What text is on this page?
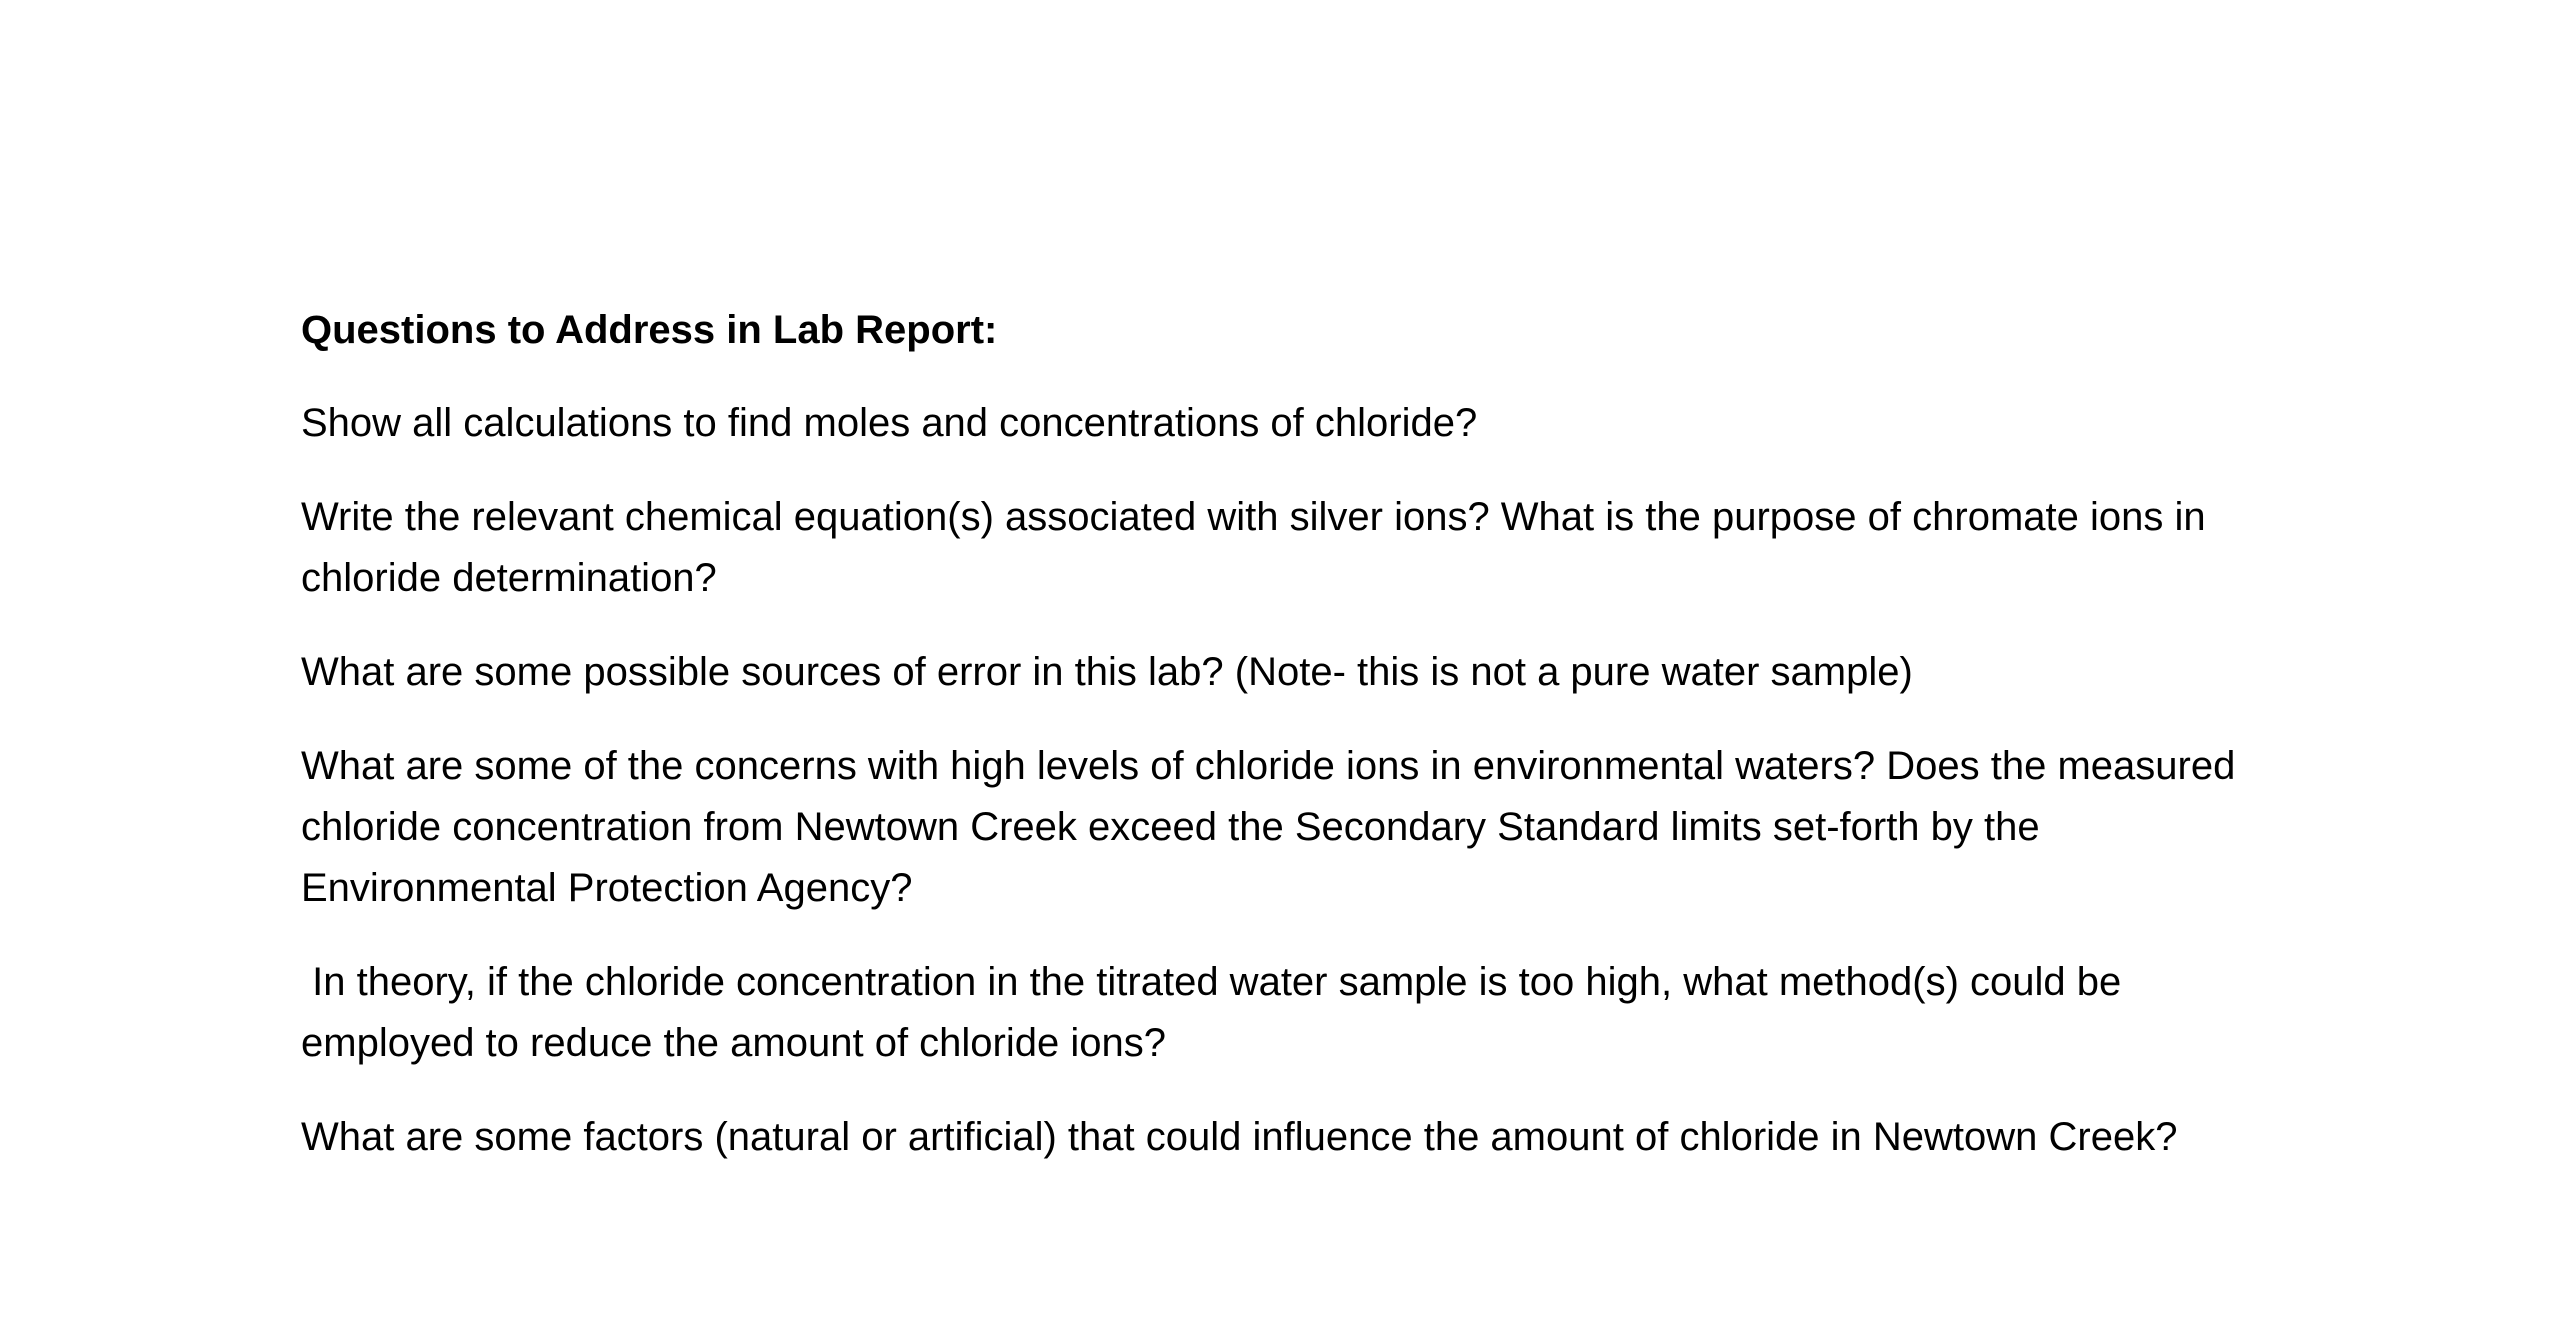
Questions to Address in Lab Report:

Show all calculations to find moles and concentrations of chloride?

Write the relevant chemical equation(s) associated with silver ions? What is the purpose of chromate ions in chloride determination?

What are some possible sources of error in this lab? (Note- this is not a pure water sample)

What are some of the concerns with high levels of chloride ions in environmental waters? Does the measured chloride concentration from Newtown Creek exceed the Secondary Standard limits set-forth by the Environmental Protection Agency?

In theory, if the chloride concentration in the titrated water sample is too high, what method(s) could be employed to reduce the amount of chloride ions?

What are some factors (natural or artificial) that could influence the amount of chloride in Newtown Creek?
